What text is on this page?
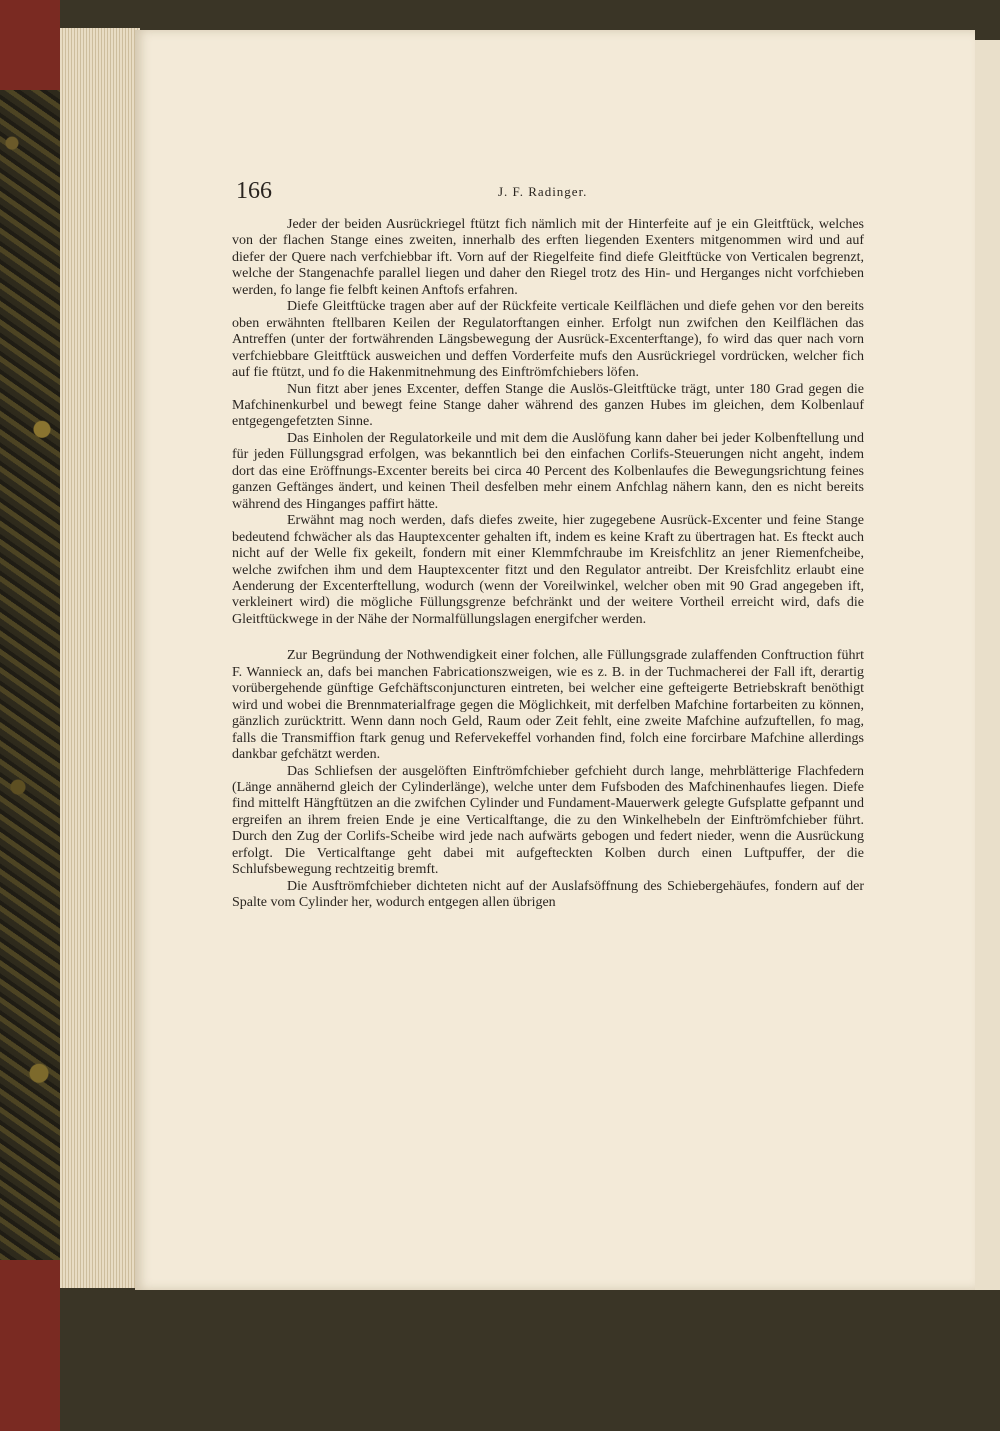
166	J. F. Radinger.

Jeder der beiden Ausrückriegel ftützt fich nämlich mit der Hinterfeite auf je ein Gleitftück, welches von der flachen Stange eines zweiten, innerhalb des erften liegenden Exenters mitgenommen wird und auf diefer der Quere nach verfchiebbar ift. Vorn auf der Riegelfeite find diefe Gleitftücke von Verticalen begrenzt, welche der Stangenachfe parallel liegen und daher den Riegel trotz des Hin- und Herganges nicht vorfchieben werden, fo lange fie felbft keinen Anftofs erfahren.

Diefe Gleitftücke tragen aber auf der Rückfeite verticale Keilflächen und diefe gehen vor den bereits oben erwähnten ftellbaren Keilen der Regulatorftangen einher. Erfolgt nun zwifchen den Keilflächen das Antreffen (unter der fortwährenden Längsbewegung der Ausrück-Excenterftange), fo wird das quer nach vorn verfchiebbare Gleitftück ausweichen und deffen Vorderfeite mufs den Ausrückriegel vordrücken, welcher fich auf fie ftützt, und fo die Hakenmitnehmung des Einftrömfchiebers löfen.

Nun fitzt aber jenes Excenter, deffen Stange die Auslös-Gleitftücke trägt, unter 180 Grad gegen die Mafchinenkurbel und bewegt feine Stange daher während des ganzen Hubes im gleichen, dem Kolbenlauf entgegengefetzten Sinne.

Das Einholen der Regulatorkeile und mit dem die Auslöfung kann daher bei jeder Kolbenftellung und für jeden Füllungsgrad erfolgen, was bekanntlich bei den einfachen Corlifs-Steuerungen nicht angeht, indem dort das eine Eröffnungs-Excenter bereits bei circa 40 Percent des Kolbenlaufes die Bewegungsrichtung feines ganzen Geftänges ändert, und keinen Theil desfelben mehr einem Anfchlag nähern kann, den es nicht bereits während des Hinganges paffirt hätte.

Erwähnt mag noch werden, dafs diefes zweite, hier zugegebene Ausrück-Excenter und feine Stange bedeutend fchwächer als das Hauptexcenter gehalten ift, indem es keine Kraft zu übertragen hat. Es fteckt auch nicht auf der Welle fix gekeilt, fondern mit einer Klemmfchraube im Kreisfchlitz an jener Riemenfcheibe, welche zwifchen ihm und dem Hauptexcenter fitzt und den Regulator antreibt. Der Kreisfchlitz erlaubt eine Aenderung der Excenterftellung, wodurch (wenn der Voreilwinkel, welcher oben mit 90 Grad angegeben ift, verkleinert wird) die mögliche Füllungsgrenze befchränkt und der weitere Vortheil erreicht wird, dafs die Gleitftückwege in der Nähe der Normalfüllungslagen energifcher werden.

Zur Begründung der Nothwendigkeit einer folchen, alle Füllungsgrade zulaffenden Conftruction führt F. Wannieck an, dafs bei manchen Fabricationszweigen, wie es z. B. in der Tuchmacherei der Fall ift, derartig vorübergehende günftige Gefchäftsconjuncturen eintreten, bei welcher eine gefteigerte Betriebskraft benöthigt wird und wobei die Brennmaterialfrage gegen die Möglichkeit, mit derfelben Mafchine fortarbeiten zu können, gänzlich zurücktritt. Wenn dann noch Geld, Raum oder Zeit fehlt, eine zweite Mafchine aufzuftellen, fo mag, falls die Transmiffion ftark genug und Refervekeffel vorhanden find, folch eine forcirbare Mafchine allerdings dankbar gefchätzt werden.

Das Schliefsen der ausgelöften Einftrömfchieber gefchieht durch lange, mehrblätterige Flachfedern (Länge annähernd gleich der Cylinderlänge), welche unter dem Fufsboden des Mafchinenhaufes liegen. Diefe find mittelft Hängftützen an die zwifchen Cylinder und Fundament-Mauerwerk gelegte Gufsplatte gefpannt und ergreifen an ihrem freien Ende je eine Verticalftange, die zu den Winkelhebeln der Einftrömfchieber führt. Durch den Zug der Corlifs-Scheibe wird jede nach aufwärts gebogen und federt nieder, wenn die Ausrückung erfolgt. Die Verticalftange geht dabei mit aufgefteckten Kolben durch einen Luftpuffer, der die Schlufsbewegung rechtzeitig bremft.

Die Ausftrömfchieber dichteten nicht auf der Auslafsöffnung des Schiebergehäufes, fondern auf der Spalte vom Cylinder her, wodurch entgegen allen übrigen
